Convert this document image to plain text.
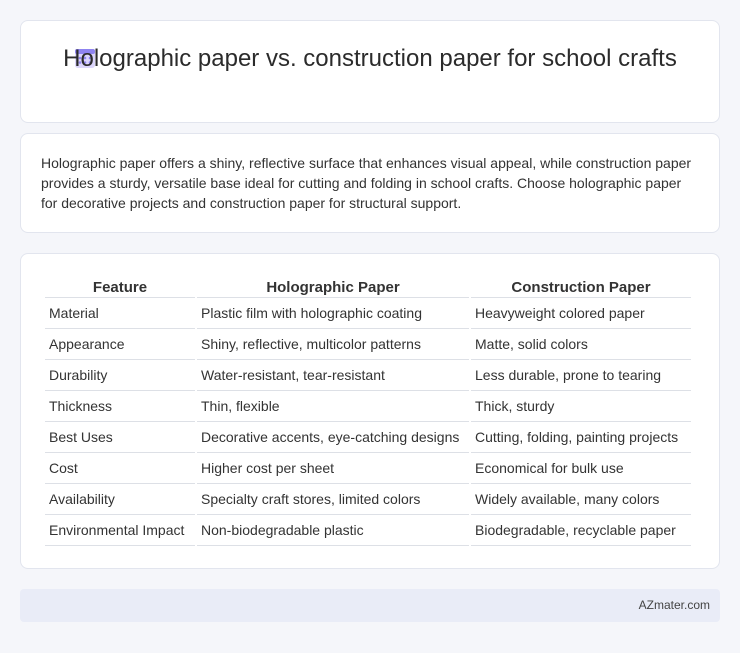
Holographic paper vs. construction paper for school crafts

Holographic paper offers a shiny, reflective surface that enhances visual appeal, while construction paper provides a sturdy, versatile base ideal for cutting and folding in school crafts. Choose holographic paper for decorative projects and construction paper for structural support.

Feature	Holographic Paper	Construction Paper
Material	Plastic film with holographic coating	Heavyweight colored paper
Appearance	Shiny, reflective, multicolor patterns	Matte, solid colors
Durability	Water-resistant, tear-resistant	Less durable, prone to tearing
Thickness	Thin, flexible	Thick, sturdy
Best Uses	Decorative accents, eye-catching designs	Cutting, folding, painting projects
Cost	Higher cost per sheet	Economical for bulk use
Availability	Specialty craft stores, limited colors	Widely available, many colors
Environmental Impact	Non-biodegradable plastic	Biodegradable, recyclable paper
AZmater.com
